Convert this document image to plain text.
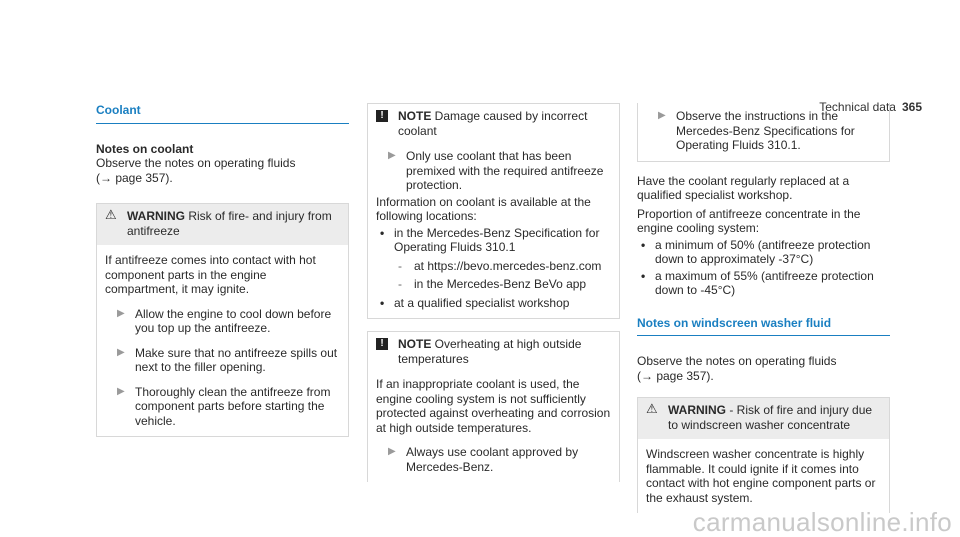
Technical data 365
Coolant

Notes on coolant

Observe the notes on operating fluids

(→ page 357).

⚠ WARNING Risk of fire- and injury from antifreeze

If antifreeze comes into contact with hot component parts in the engine compartment, it may ignite.

▶ Allow the engine to cool down before you top up the antifreeze.
▶ Make sure that no antifreeze spills out next to the filler opening.
▶ Thoroughly clean the antifreeze from component parts before starting the vehicle.
!	NOTE Damage caused by incorrect coolant
▶ Only use coolant that has been premixed with the required antifreeze protection.

Information on coolant is available at the following locations:

• in the Mercedes-Benz Specification for Operating Fluids 310.1
-	at https://bevo.mercedes-benz.com
-	in the Mercedes-Benz BeVo app
• at a qualified specialist workshop
!	NOTE Overheating at high outside temperatures

If an inappropriate coolant is used, the engine cooling system is not sufficiently protected against overheating and corrosion at high outside temperatures.

▶ Always use coolant approved by Mercedes-Benz.
▶ Observe the instructions in the Mercedes-Benz Specifications for Operating Fluids 310.1.

Have the coolant regularly replaced at a qualified specialist workshop.

Proportion of antifreeze concentrate in the engine cooling system:

• a minimum of 50% (antifreeze protection down to approximately -37°C)
• a maximum of 55% (antifreeze protection down to -45°C)
Notes on windscreen washer fluid

Observe the notes on operating fluids

(→ page 357).

⚠ WARNING - Risk of fire and injury due to windscreen washer concentrate

Windscreen washer concentrate is highly flammable. It could ignite if it comes into contact with hot engine component parts or the exhaust system.

carmanualsonline.info
